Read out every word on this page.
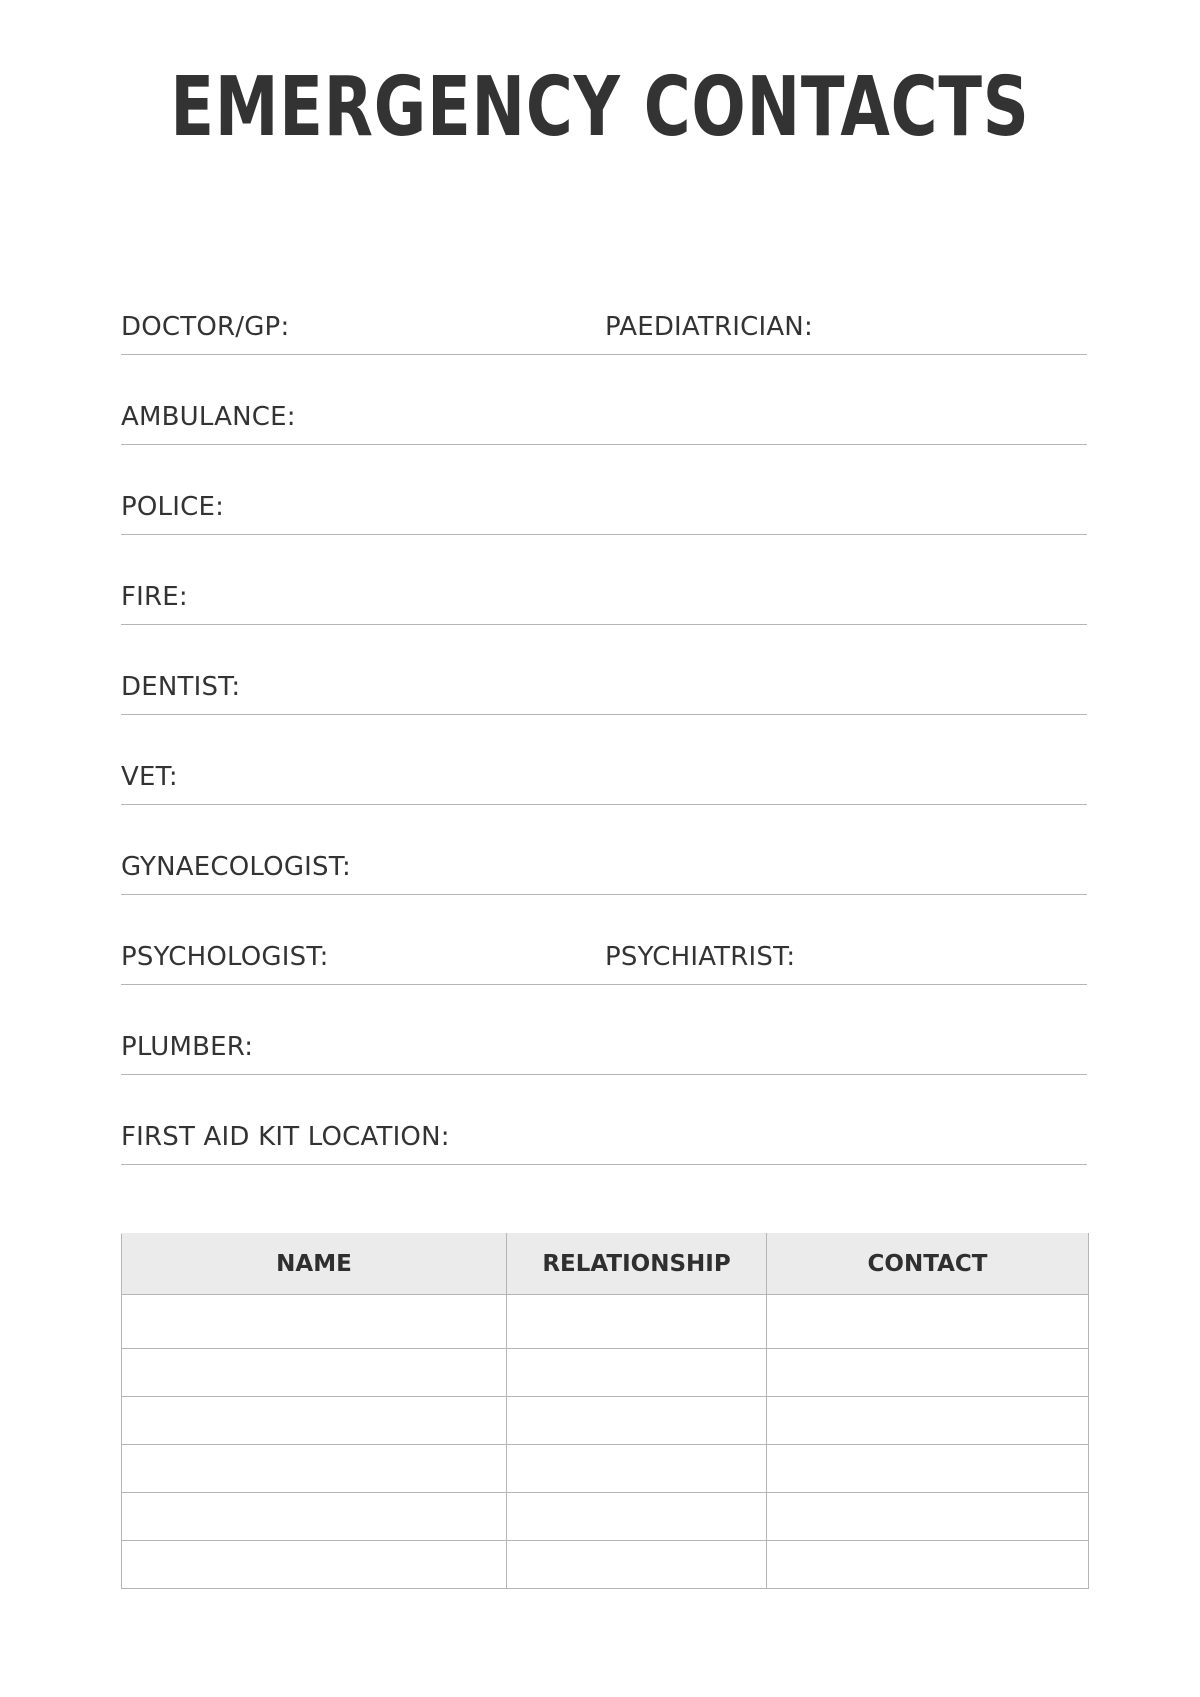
EMERGENCY CONTACTS
DOCTOR/GP:	PAEDIATRICIAN:
AMBULANCE:
POLICE:
FIRE:
DENTIST:
VET:
GYNAECOLOGIST:
PSYCHOLOGIST:	PSYCHIATRIST:
PLUMBER:
FIRST AID KIT LOCATION:
NAME	RELATIONSHIP	CONTACT
